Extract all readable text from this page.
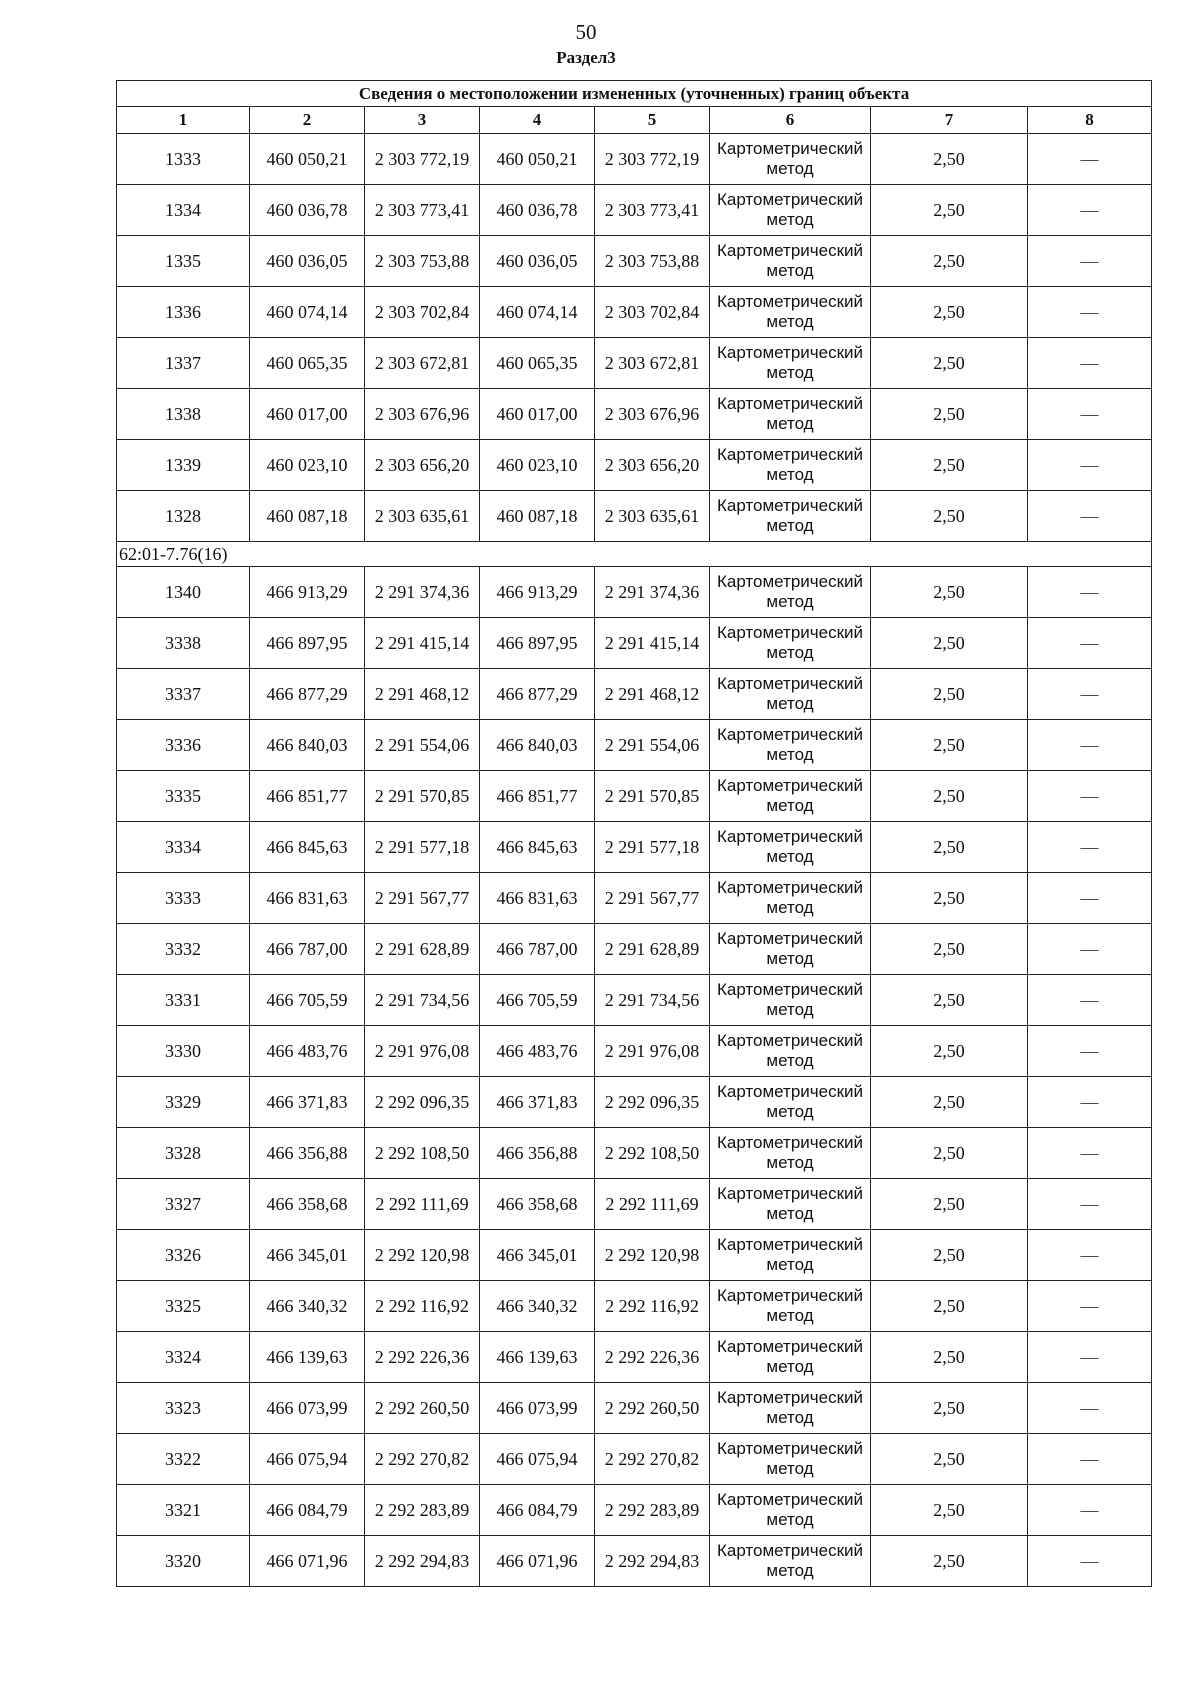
50
Раздел3
Сведения о местоположении измененных (уточненных) границ объекта							
1	2	3	4	5	6	7	8
1333	460 050,21	2 303 772,19	460 050,21	2 303 772,19	Картометрический метод	2,50	—
1334	460 036,78	2 303 773,41	460 036,78	2 303 773,41	Картометрический метод	2,50	—
1335	460 036,05	2 303 753,88	460 036,05	2 303 753,88	Картометрический метод	2,50	—
1336	460 074,14	2 303 702,84	460 074,14	2 303 702,84	Картометрический метод	2,50	—
1337	460 065,35	2 303 672,81	460 065,35	2 303 672,81	Картометрический метод	2,50	—
1338	460 017,00	2 303 676,96	460 017,00	2 303 676,96	Картометрический метод	2,50	—
1339	460 023,10	2 303 656,20	460 023,10	2 303 656,20	Картометрический метод	2,50	—
1328	460 087,18	2 303 635,61	460 087,18	2 303 635,61	Картометрический метод	2,50	—
62:01-7.76(16)							
1340	466 913,29	2 291 374,36	466 913,29	2 291 374,36	Картометрический метод	2,50	—
3338	466 897,95	2 291 415,14	466 897,95	2 291 415,14	Картометрический метод	2,50	—
3337	466 877,29	2 291 468,12	466 877,29	2 291 468,12	Картометрический метод	2,50	—
3336	466 840,03	2 291 554,06	466 840,03	2 291 554,06	Картометрический метод	2,50	—
3335	466 851,77	2 291 570,85	466 851,77	2 291 570,85	Картометрический метод	2,50	—
3334	466 845,63	2 291 577,18	466 845,63	2 291 577,18	Картометрический метод	2,50	—
3333	466 831,63	2 291 567,77	466 831,63	2 291 567,77	Картометрический метод	2,50	—
3332	466 787,00	2 291 628,89	466 787,00	2 291 628,89	Картометрический метод	2,50	—
3331	466 705,59	2 291 734,56	466 705,59	2 291 734,56	Картометрический метод	2,50	—
3330	466 483,76	2 291 976,08	466 483,76	2 291 976,08	Картометрический метод	2,50	—
3329	466 371,83	2 292 096,35	466 371,83	2 292 096,35	Картометрический метод	2,50	—
3328	466 356,88	2 292 108,50	466 356,88	2 292 108,50	Картометрический метод	2,50	—
3327	466 358,68	2 292 111,69	466 358,68	2 292 111,69	Картометрический метод	2,50	—
3326	466 345,01	2 292 120,98	466 345,01	2 292 120,98	Картометрический метод	2,50	—
3325	466 340,32	2 292 116,92	466 340,32	2 292 116,92	Картометрический метод	2,50	—
3324	466 139,63	2 292 226,36	466 139,63	2 292 226,36	Картометрический метод	2,50	—
3323	466 073,99	2 292 260,50	466 073,99	2 292 260,50	Картометрический метод	2,50	—
3322	466 075,94	2 292 270,82	466 075,94	2 292 270,82	Картометрический метод	2,50	—
3321	466 084,79	2 292 283,89	466 084,79	2 292 283,89	Картометрический метод	2,50	—
3320	466 071,96	2 292 294,83	466 071,96	2 292 294,83	Картометрический метод	2,50	—
